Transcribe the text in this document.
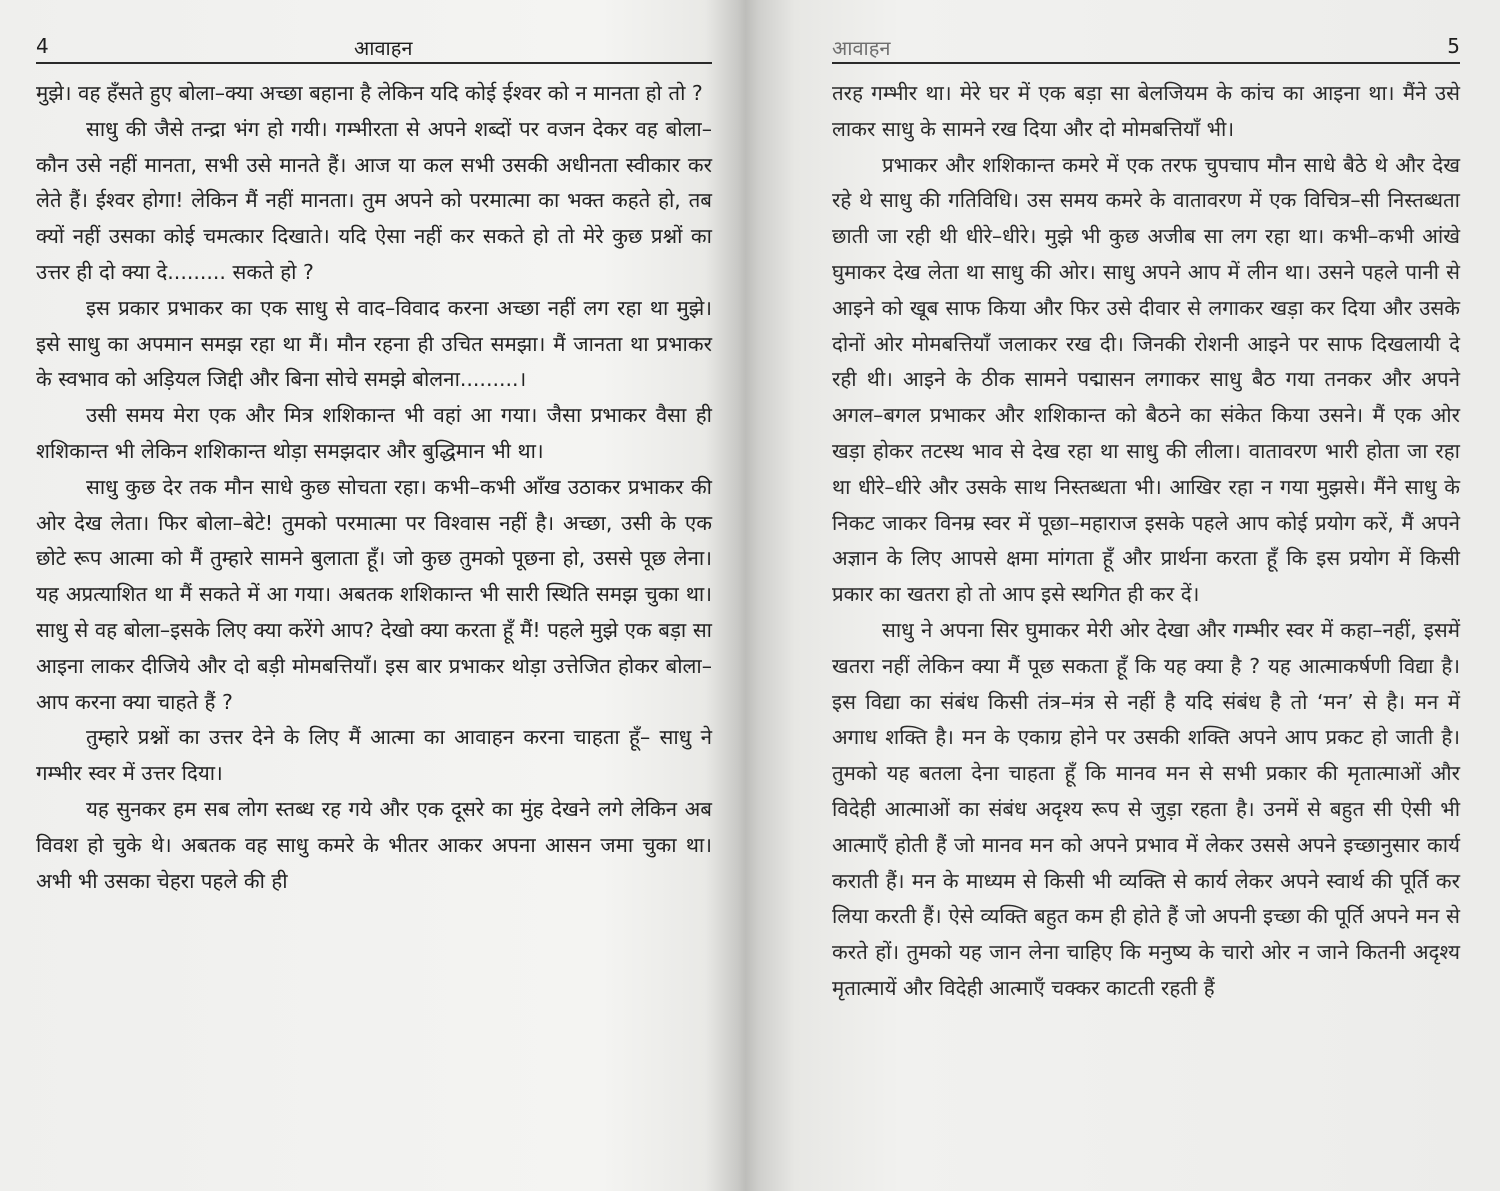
4	आवाहन

मुझे। वह हँसते हुए बोला–क्या अच्छा बहाना है लेकिन यदि कोई ईश्वर को न मानता हो तो ?

साधु की जैसे तन्द्रा भंग हो गयी। गम्भीरता से अपने शब्दों पर वजन देकर वह बोला–कौन उसे नहीं मानता, सभी उसे मानते हैं। आज या कल सभी उसकी अधीनता स्वीकार कर लेते हैं। ईश्वर होगा! लेकिन मैं नहीं मानता। तुम अपने को परमात्मा का भक्त कहते हो, तब क्यों नहीं उसका कोई चमत्कार दिखाते। यदि ऐसा नहीं कर सकते हो तो मेरे कुछ प्रश्नों का उत्तर ही दो क्या दे......... सकते हो ?

इस प्रकार प्रभाकर का एक साधु से वाद–विवाद करना अच्छा नहीं लग रहा था मुझे। इसे साधु का अपमान समझ रहा था मैं। मौन रहना ही उचित समझा। मैं जानता था प्रभाकर के स्वभाव को अड़ियल जिद्दी और बिना सोचे समझे बोलना.........।

उसी समय मेरा एक और मित्र शशिकान्त भी वहां आ गया। जैसा प्रभाकर वैसा ही शशिकान्त भी लेकिन शशिकान्त थोड़ा समझदार और बुद्धिमान भी था।

साधु कुछ देर तक मौन साधे कुछ सोचता रहा। कभी–कभी आँख उठाकर प्रभाकर की ओर देख लेता। फिर बोला–बेटे! तुमको परमात्मा पर विश्वास नहीं है। अच्छा, उसी के एक छोटे रूप आत्मा को मैं तुम्हारे सामने बुलाता हूँ। जो कुछ तुमको पूछना हो, उससे पूछ लेना। यह अप्रत्याशित था मैं सकते में आ गया। अबतक शशिकान्त भी सारी स्थिति समझ चुका था। साधु से वह बोला–इसके लिए क्या करेंगे आप? देखो क्या करता हूँ मैं! पहले मुझे एक बड़ा सा आइना लाकर दीजिये और दो बड़ी मोमबत्तियाँ। इस बार प्रभाकर थोड़ा उत्तेजित होकर बोला–आप करना क्या चाहते हैं ?

तुम्हारे प्रश्नों का उत्तर देने के लिए मैं आत्मा का आवाहन करना चाहता हूँ– साधु ने गम्भीर स्वर में उत्तर दिया।

यह सुनकर हम सब लोग स्तब्ध रह गये और एक दूसरे का मुंह देखने लगे लेकिन अब विवश हो चुके थे। अबतक वह साधु कमरे के भीतर आकर अपना आसन जमा चुका था। अभी भी उसका चेहरा पहले की ही

आवाहन	5

तरह गम्भीर था। मेरे घर में एक बड़ा सा बेलजियम के कांच का आइना था। मैंने उसे लाकर साधु के सामने रख दिया और दो मोमबत्तियाँ भी।

प्रभाकर और शशिकान्त कमरे में एक तरफ चुपचाप मौन साधे बैठे थे और देख रहे थे साधु की गतिविधि। उस समय कमरे के वातावरण में एक विचित्र–सी निस्तब्धता छाती जा रही थी धीरे–धीरे। मुझे भी कुछ अजीब सा लग रहा था। कभी–कभी आंखे घुमाकर देख लेता था साधु की ओर। साधु अपने आप में लीन था। उसने पहले पानी से आइने को खूब साफ किया और फिर उसे दीवार से लगाकर खड़ा कर दिया और उसके दोनों ओर मोमबत्तियाँ जलाकर रख दी। जिनकी रोशनी आइने पर साफ दिखलायी दे रही थी। आइने के ठीक सामने पद्मासन लगाकर साधु बैठ गया तनकर और अपने अगल–बगल प्रभाकर और शशिकान्त को बैठने का संकेत किया उसने। मैं एक ओर खड़ा होकर तटस्थ भाव से देख रहा था साधु की लीला। वातावरण भारी होता जा रहा था धीरे–धीरे और उसके साथ निस्तब्धता भी। आखिर रहा न गया मुझसे। मैंने साधु के निकट जाकर विनम्र स्वर में पूछा–महाराज इसके पहले आप कोई प्रयोग करें, मैं अपने अज्ञान के लिए आपसे क्षमा मांगता हूँ और प्रार्थना करता हूँ कि इस प्रयोग में किसी प्रकार का खतरा हो तो आप इसे स्थगित ही कर दें।

साधु ने अपना सिर घुमाकर मेरी ओर देखा और गम्भीर स्वर में कहा–नहीं, इसमें खतरा नहीं लेकिन क्या मैं पूछ सकता हूँ कि यह क्या है ? यह आत्माकर्षणी विद्या है। इस विद्या का संबंध किसी तंत्र–मंत्र से नहीं है यदि संबंध है तो ‘मन’ से है। मन में अगाध शक्ति है। मन के एकाग्र होने पर उसकी शक्ति अपने आप प्रकट हो जाती है। तुमको यह बतला देना चाहता हूँ कि मानव मन से सभी प्रकार की मृतात्माओं और विदेही आत्माओं का संबंध अदृश्य रूप से जुड़ा रहता है। उनमें से बहुत सी ऐसी भी आत्माएँ होती हैं जो मानव मन को अपने प्रभाव में लेकर उससे अपने इच्छानुसार कार्य कराती हैं। मन के माध्यम से किसी भी व्यक्ति से कार्य लेकर अपने स्वार्थ की पूर्ति कर लिया करती हैं। ऐसे व्यक्ति बहुत कम ही होते हैं जो अपनी इच्छा की पूर्ति अपने मन से करते हों। तुमको यह जान लेना चाहिए कि मनुष्य के चारो ओर न जाने कितनी अदृश्य मृतात्मायें और विदेही आत्माएँ चक्कर काटती रहती हैं
